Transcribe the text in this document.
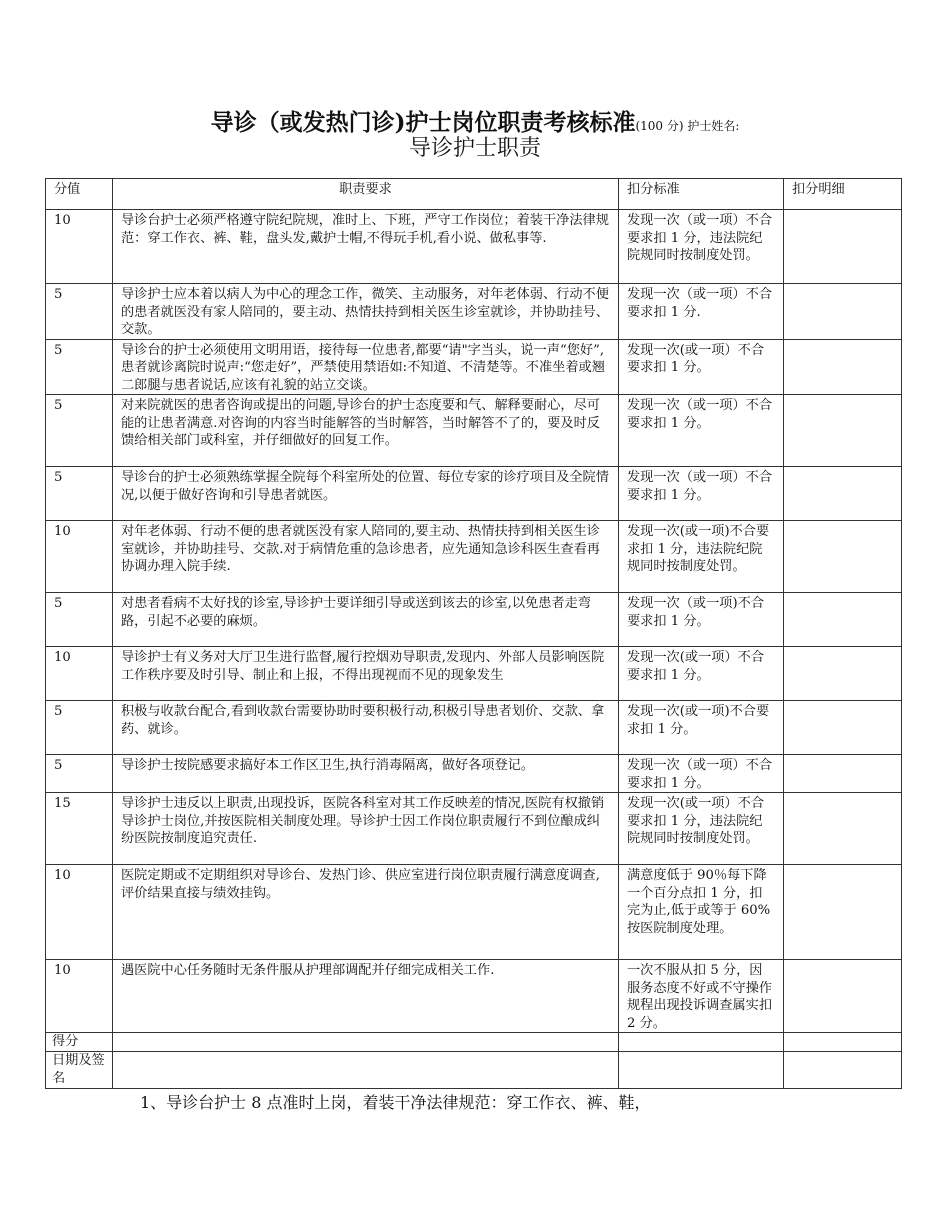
导诊（或发热门诊)护士岗位职责考核标准(100 分) 护士姓名:
导诊护士职责
分值	职责要求	扣分标准	扣分明细
10	导诊台护士必须严格遵守院纪院规，准时上、下班，严守工作岗位；着装干净法律规范：穿工作衣、裤、鞋，盘头发,戴护士帽,不得玩手机,看小说、做私事等.	发现一次（或一项）不合要求扣 1 分，违法院纪院规同时按制度处罚。	
5	导诊护士应本着以病人为中心的理念工作，微笑、主动服务，对年老体弱、行动不便的患者就医没有家人陪同的，要主动、热情扶持到相关医生诊室就诊，并协助挂号、交款。	发现一次（或一项）不合要求扣 1 分.	
5	导诊台的护士必须使用文明用语，接待每一位患者,都要“请"字当头，说一声“您好”,患者就诊离院时说声:“您走好”，严禁使用禁语如:不知道、不清楚等。不准坐着或翘二郎腿与患者说话,应该有礼貌的站立交谈。	发现一次(或一项）不合要求扣 1 分。	
5	对来院就医的患者咨询或提出的问题,导诊台的护士态度要和气、解释要耐心，尽可能的让患者满意.对咨询的内容当时能解答的当时解答，当时解答不了的，要及时反馈给相关部门或科室，并仔细做好的回复工作。	发现一次（或一项）不合要求扣 1 分。	
5	导诊台的护士必须熟练掌握全院每个科室所处的位置、每位专家的诊疗项目及全院情况,以便于做好咨询和引导患者就医。	发现一次（或一项）不合要求扣 1 分。	
10	对年老体弱、行动不便的患者就医没有家人陪同的,要主动、热情扶持到相关医生诊室就诊，并协助挂号、交款.对于病情危重的急诊患者，应先通知急诊科医生查看再协调办理入院手续.	发现一次(或一项)不合要求扣 1 分，违法院纪院规同时按制度处罚。	
5	对患者看病不太好找的诊室,导诊护士要详细引导或送到该去的诊室,以免患者走弯路，引起不必要的麻烦。	发现一次（或一项)不合要求扣 1 分。	
10	导诊护士有义务对大厅卫生进行监督,履行控烟劝导职责,发现内、外部人员影响医院工作秩序要及时引导、制止和上报，不得出现视而不见的现象发生	发现一次(或一项）不合要求扣 1 分。	
5	积极与收款台配合,看到收款台需要协助时要积极行动,积极引导患者划价、交款、拿药、就诊。	发现一次(或一项)不合要求扣 1 分。	
5	导诊护士按院感要求搞好本工作区卫生,执行消毒隔离，做好各项登记。	发现一次（或一项）不合要求扣 1 分。	
15	导诊护士违反以上职责,出现投诉，医院各科室对其工作反映差的情况,医院有权撤销导诊护士岗位,并按医院相关制度处理。导诊护士因工作岗位职责履行不到位酿成纠纷医院按制度追究责任.	发现一次(或一项）不合要求扣 1 分，违法院纪院规同时按制度处罚。	
10	医院定期或不定期组织对导诊台、发热门诊、供应室进行岗位职责履行满意度调查,评价结果直接与绩效挂钩。	满意度低于 90％每下降一个百分点扣 1 分，扣完为止,低于或等于 60%按医院制度处理。	
10	遇医院中心任务随时无条件服从护理部调配并仔细完成相关工作.	一次不服从扣 5 分，因服务态度不好或不守操作规程出现投诉调查属实扣 2 分。	
得分			
日期及签名			
1、导诊台护士 8 点准时上岗，着装干净法律规范：穿工作衣、裤、鞋，
